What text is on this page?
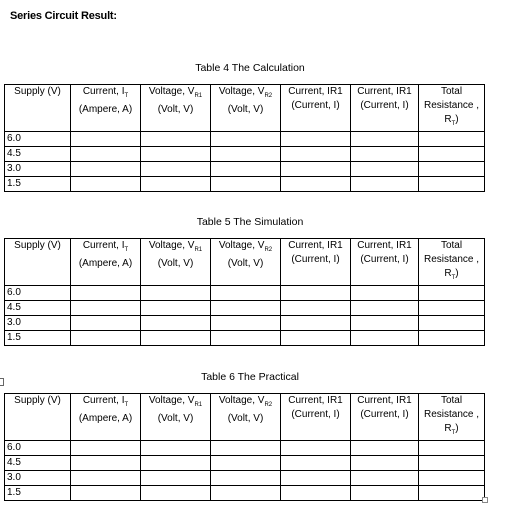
Series Circuit Result:
Table 4 The Calculation
Supply (V)	Current, $I_T$ (Ampere, A)	Voltage, $V_{R1}$ (Volt, V)	Voltage, $V_{R2}$ (Volt, V)	Current, IR1 (Current, I)	Current, IR1 (Current, I)	Total Resistance , $R_T$)
6.0						
4.5						
3.0						
1.5						
Table 5 The Simulation
Supply (V)	Current, $I_T$ (Ampere, A)	Voltage, $V_{R1}$ (Volt, V)	Voltage, $V_{R2}$ (Volt, V)	Current, IR1 (Current, I)	Current, IR1 (Current, I)	Total Resistance , $R_T$)
6.0						
4.5						
3.0						
1.5						
Table 6 The Practical
Supply (V)	Current, $I_T$ (Ampere, A)	Voltage, $V_{R1}$ (Volt, V)	Voltage, $V_{R2}$ (Volt, V)	Current, IR1 (Current, I)	Current, IR1 (Current, I)	Total Resistance , $R_T$)
6.0						
4.5						
3.0						
1.5						
